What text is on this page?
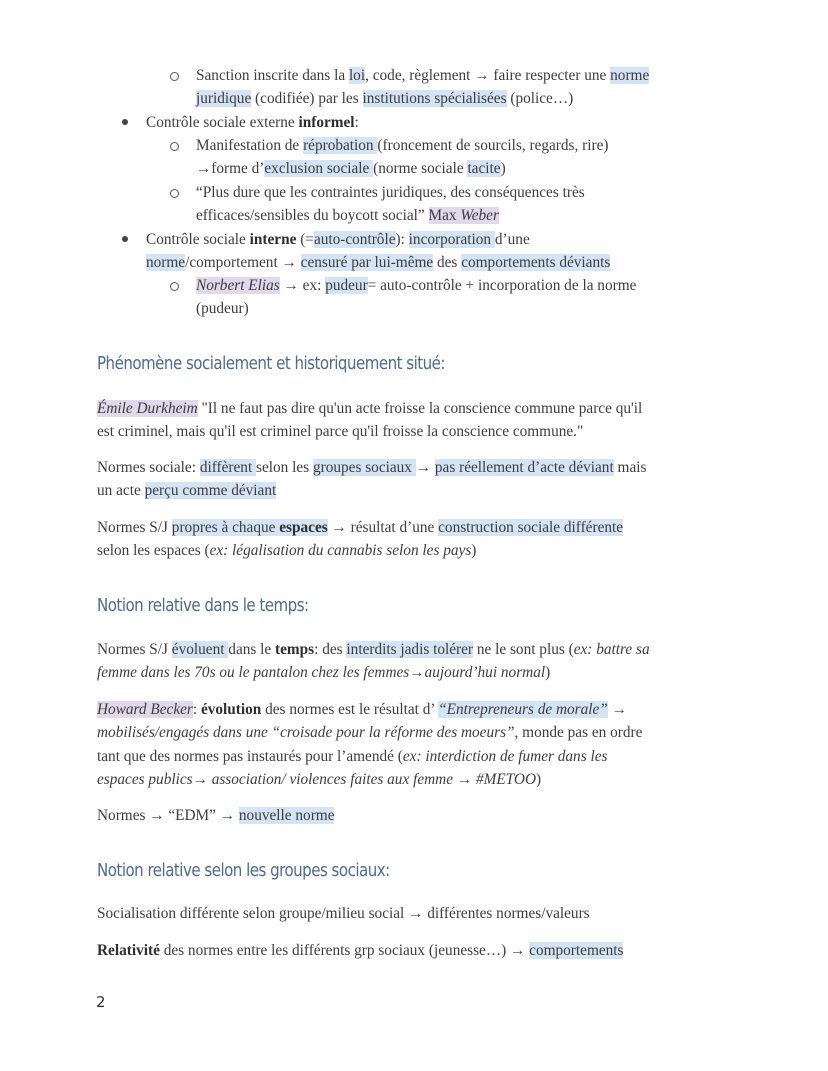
Sanction inscrite dans la loi, code, règlement → faire respecter une norme
juridique (codifiée) par les institutions spécialisées (police…)
Contrôle sociale externe informel:
Manifestation de réprobation (froncement de sourcils, regards, rire)
→forme d’exclusion sociale (norme sociale tacite)
“Plus dure que les contraintes juridiques, des conséquences très
efficaces/sensibles du boycott social” Max Weber
Contrôle sociale interne (=auto-contrôle): incorporation d’une
norme/comportement → censuré par lui-même des comportements déviants
Norbert Elias → ex: pudeur= auto-contrôle + incorporation de la norme
(pudeur)
Phénomène socialement et historiquement situé:
Émile Durkheim "Il ne faut pas dire qu'un acte froisse la conscience commune parce qu'il
est criminel, mais qu'il est criminel parce qu'il froisse la conscience commune."
Normes sociale: diffèrent selon les groupes sociaux → pas réellement d’acte déviant mais
un acte perçu comme déviant
Normes S/J propres à chaque espaces → résultat d’une construction sociale différente
selon les espaces (ex: légalisation du cannabis selon les pays)
Notion relative dans le temps:
Normes S/J évoluent dans le temps: des interdits jadis tolérer ne le sont plus (ex: battre sa
femme dans les 70s ou le pantalon chez les femmes→aujourd’hui normal)
Howard Becker: évolution des normes est le résultat d’ “Entrepreneurs de morale” →
mobilisés/engagés dans une “croisade pour la réforme des moeurs”, monde pas en ordre
tant que des normes pas instaurés pour l’amendé (ex: interdiction de fumer dans les
espaces publics→ association/ violences faites aux femme → #METOO)
Normes → “EDM” → nouvelle norme
Notion relative selon les groupes sociaux:
Socialisation différente selon groupe/milieu social → différentes normes/valeurs
Relativité des normes entre les différents grp sociaux (jeunesse…) → comportements
2
